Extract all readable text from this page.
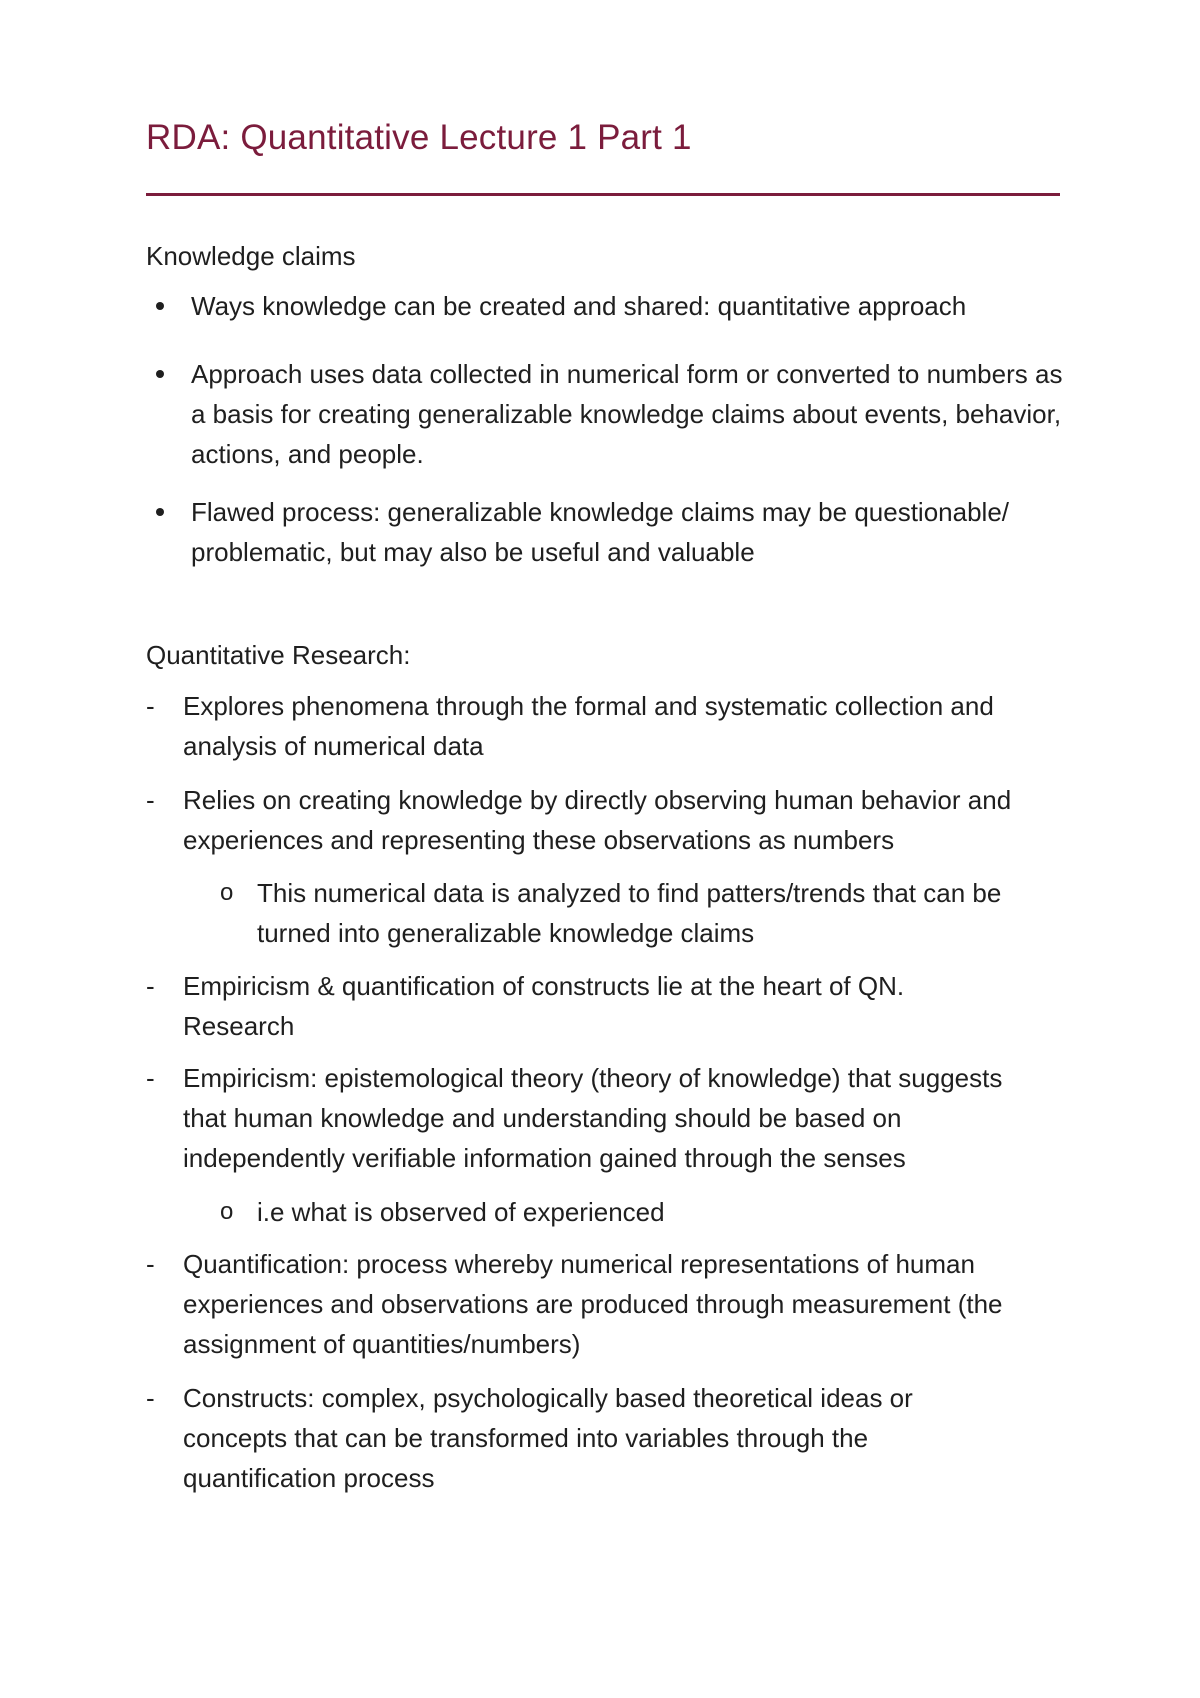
RDA: Quantitative Lecture 1 Part 1
Knowledge claims
Ways knowledge can be created and shared: quantitative approach
Approach uses data collected in numerical form or converted to numbers as a basis for creating generalizable knowledge claims about events, behavior, actions, and people.
Flawed process: generalizable knowledge claims may be questionable/ problematic, but may also be useful and valuable
Quantitative Research:
- Explores phenomena through the formal and systematic collection and analysis of numerical data
- Relies on creating knowledge by directly observing human behavior and experiences and representing these observations as numbers
o This numerical data is analyzed to find patters/trends that can be turned into generalizable knowledge claims
- Empiricism & quantification of constructs lie at the heart of QN. Research
- Empiricism: epistemological theory (theory of knowledge) that suggests that human knowledge and understanding should be based on independently verifiable information gained through the senses
o i.e what is observed of experienced
- Quantification: process whereby numerical representations of human experiences and observations are produced through measurement (the assignment of quantities/numbers)
- Constructs: complex, psychologically based theoretical ideas or concepts that can be transformed into variables through the quantification process
